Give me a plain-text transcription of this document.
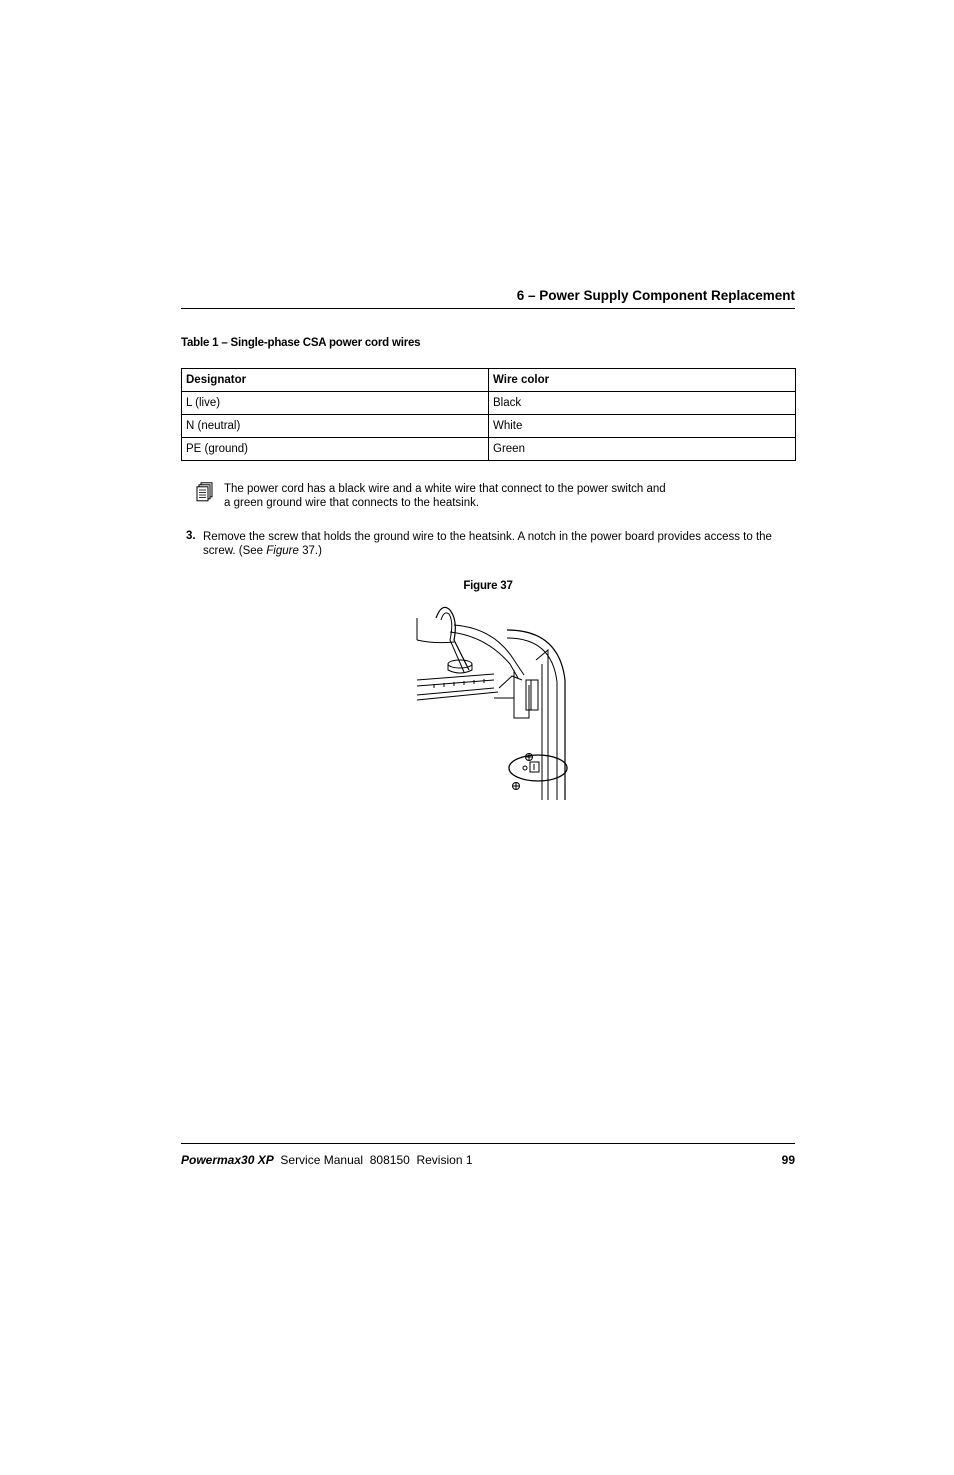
6 – Power Supply Component Replacement
Table 1 – Single-phase CSA power cord wires
Designator	Wire color
L (live)	Black
N (neutral)	White
PE (ground)	Green
The power cord has a black wire and a white wire that connect to the power switch and
a green ground wire that connects to the heatsink.
3. Remove the screw that holds the ground wire to the heatsink. A notch in the power board provides access to the screw. (See Figure 37.)
Figure 37
Powermax30 XP  Service Manual  808150  Revision 1	99
